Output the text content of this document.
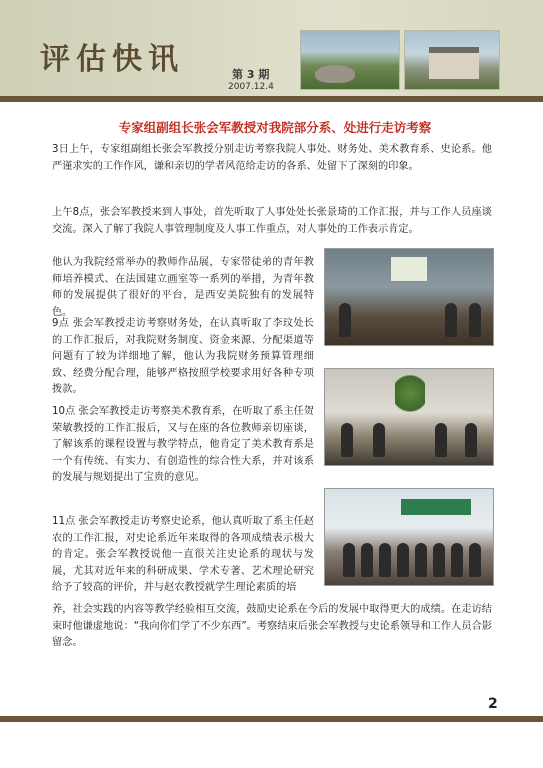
评估快讯	第 3 期
2007.12.4
专家组副组长张会军教授对我院部分系、处进行走访考察

3日上午，专家组副组长张会军教授分别走访考察我院人事处、财务处、美术教育系、史论系。他严谨求实的工作作风，谦和亲切的学者风范给走访的各系、处留下了深刻的印象。

上午8点，张会军教授来到人事处，首先听取了人事处处长张景琦的工作汇报，并与工作人员座谈交流。深入了解了我院人事管理制度及人事工作重点，对人事处的工作表示肯定。

他认为我院经常举办的教师作品展，专家带徒弟的青年教师培养模式、在法国建立画室等一系列的举措，为青年教师的发展提供了很好的平台，是西安美院独有的发展特色。

9点 张会军教授走访考察财务处，在认真听取了李玟处长的工作汇报后，对我院财务制度、资金来源、分配渠道等问题有了较为详细地了解，他认为我院财务预算管理细致、经费分配合理，能够严格按照学校要求用好各种专项拨款。

10点 张会军教授走访考察美术教育系，在听取了系主任贺荣敏教授的工作汇报后，又与在座的各位教师亲切座谈，了解该系的课程设置与教学特点，他肯定了美术教育系是一个有传统、有实力、有创造性的综合性大系，并对该系的发展与规划提出了宝贵的意见。

11点 张会军教授走访考察史论系，他认真听取了系主任赵农的工作汇报，对史论系近年来取得的各项成绩表示极大的肯定。张会军教授说他一直很关注史论系的现状与发展，尤其对近年来的科研成果、学术专著、艺术理论研究给予了较高的评价，并与赵农教授就学生理论素质的培

养，社会实践的内容等教学经验相互交流，鼓励史论系在今后的发展中取得更大的成绩。在走访结束时他谦虚地说：“我向你们学了不少东西”。考察结束后张会军教授与史论系领导和工作人员合影留念。

2
